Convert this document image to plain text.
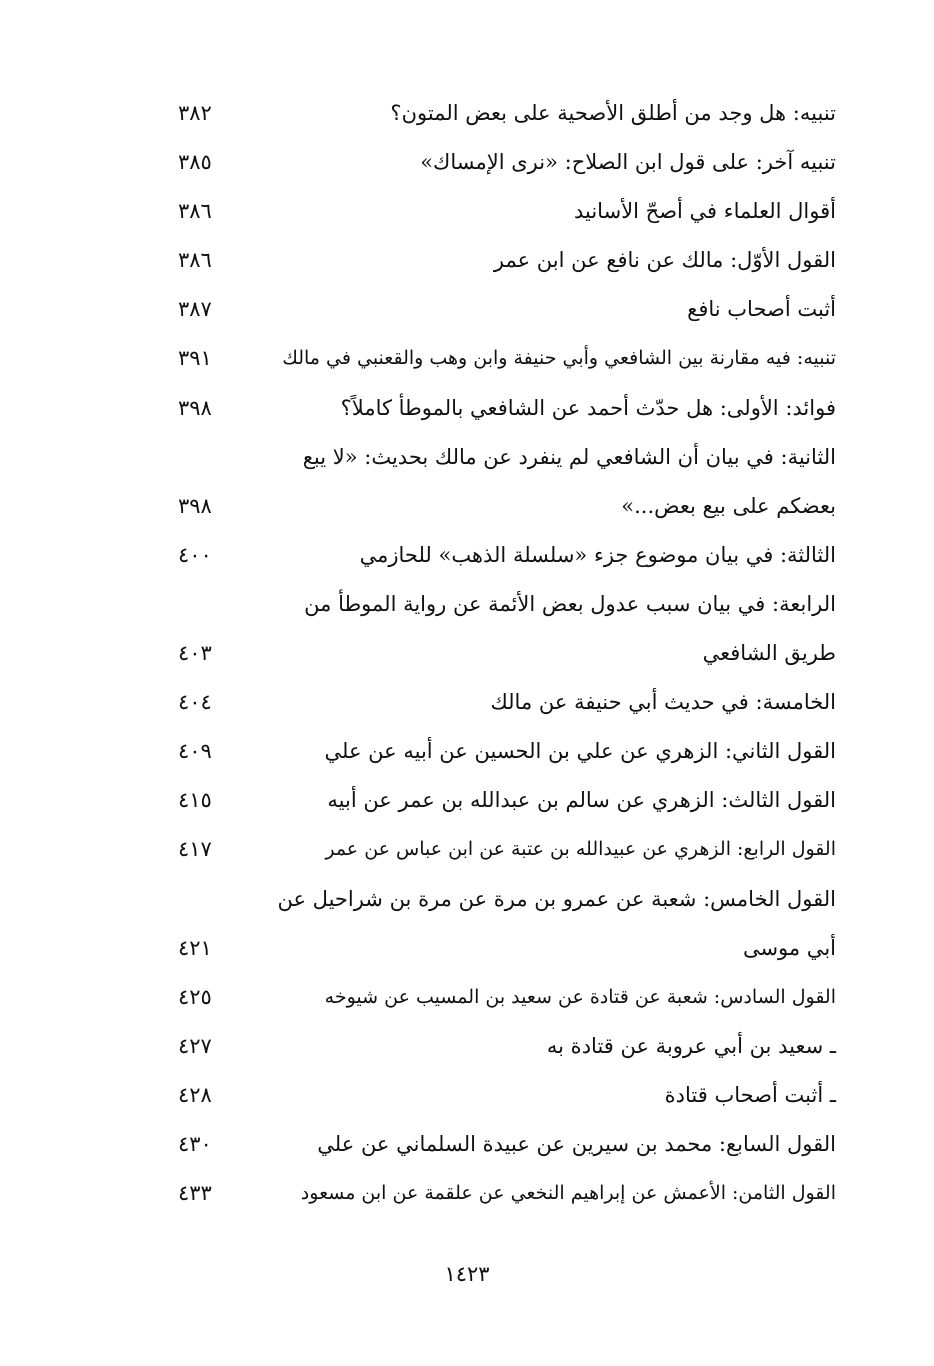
تنبيه: هل وجد من أطلق الأصحية على بعض المتون؟
٣٨٢
تنبيه آخر: على قول ابن الصلاح: «نرى الإمساك»
٣٨٥
أقوال العلماء في أصحّ الأسانيد
٣٨٦
القول الأوّل: مالك عن نافع عن ابن عمر
٣٨٦
أثبت أصحاب نافع
٣٨٧
تنبيه: فيه مقارنة بين الشافعي وأبي حنيفة وابن وهب والقعنبي في مالك
٣٩١
فوائد: الأولى: هل حدّث أحمد عن الشافعي بالموطأ كاملاً؟
٣٩٨
الثانية: في بيان أن الشافعي لم ينفرد عن مالك بحديث: «لا يبع
بعضكم على بيع بعض...»
٣٩٨
الثالثة: في بيان موضوع جزء «سلسلة الذهب» للحازمي
٤٠٠
الرابعة: في بيان سبب عدول بعض الأئمة عن رواية الموطأ من
طريق الشافعي
٤٠٣
الخامسة: في حديث أبي حنيفة عن مالك
٤٠٤
القول الثاني: الزهري عن علي بن الحسين عن أبيه عن علي
٤٠٩
القول الثالث: الزهري عن سالم بن عبدالله بن عمر عن أبيه
٤١٥
القول الرابع: الزهري عن عبيدالله بن عتبة عن ابن عباس عن عمر
٤١٧
القول الخامس: شعبة عن عمرو بن مرة عن مرة بن شراحيل عن
أبي موسى
٤٢١
القول السادس: شعبة عن قتادة عن سعيد بن المسيب عن شيوخه
٤٢٥
ـ سعيد بن أبي عروبة عن قتادة به
٤٢٧
ـ أثبت أصحاب قتادة
٤٢٨
القول السابع: محمد بن سيرين عن عبيدة السلماني عن علي
٤٣٠
القول الثامن: الأعمش عن إبراهيم النخعي عن علقمة عن ابن مسعود
٤٣٣
١٤٢٣
